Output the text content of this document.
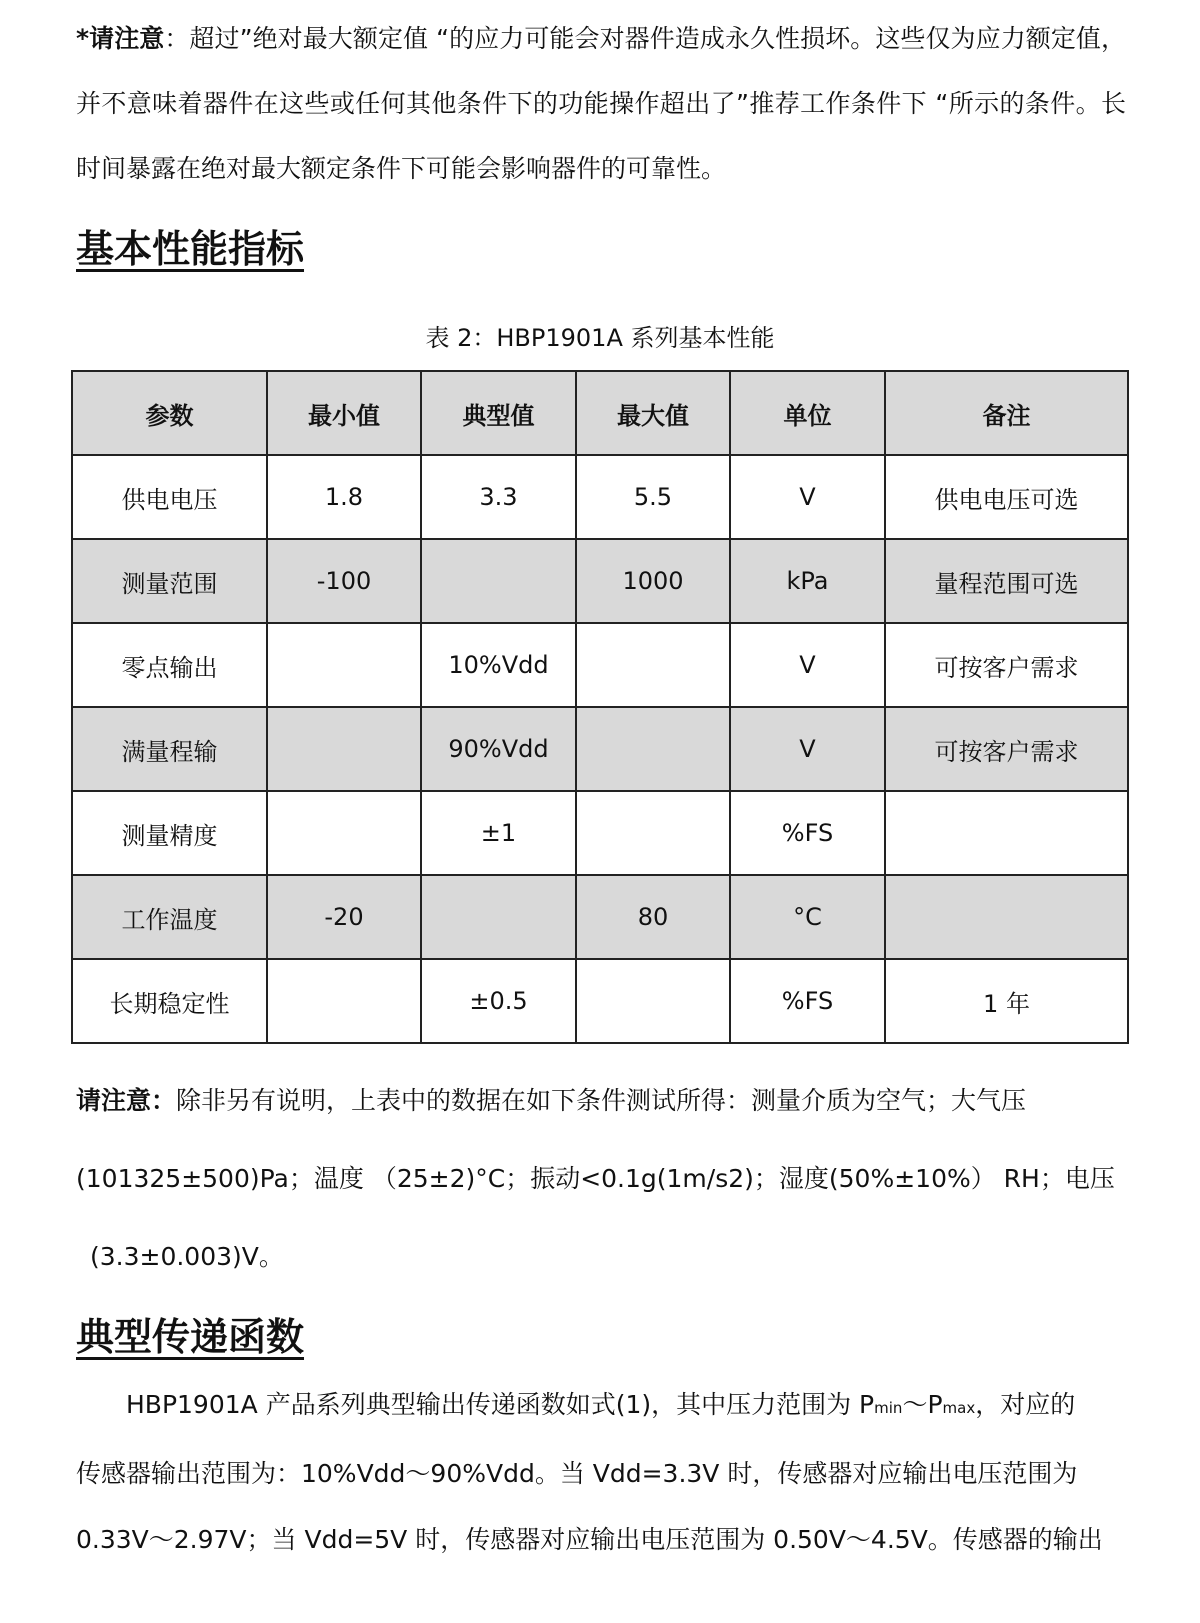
*请注意：超过”绝对最大额定值 “的应力可能会对器件造成永久性损坏。这些仅为应力额定值，并不意味着器件在这些或任何其他条件下的功能操作超出了”推荐工作条件下 “所示的条件。长时间暴露在绝对最大额定条件下可能会影响器件的可靠性。
基本性能指标
表 2：HBP1901A 系列基本性能
参数	最小值	典型值	最大值	单位	备注
供电电压	1.8	3.3	5.5	V	供电电压可选
测量范围	-100		1000	kPa	量程范围可选
零点输出		10%Vdd		V	可按客户需求
满量程输		90%Vdd		V	可按客户需求
测量精度		±1		%FS	
工作温度	-20		80	°C	
长期稳定性		±0.5		%FS	1 年
请注意：除非另有说明，上表中的数据在如下条件测试所得：测量介质为空气；大气压
(101325±500)Pa；温度 （25±2)°C；振动<0.1g(1m/s2)；湿度(50%±10%） RH；电压
(3.3±0.003)V。
典型传递函数
HBP1901A 产品系列典型输出传递函数如式(1)，其中压力范围为 Pmin～Pmax，对应的
传感器输出范围为：10%Vdd～90%Vdd。当 Vdd=3.3V 时，传感器对应输出电压范围为
0.33V～2.97V；当 Vdd=5V 时，传感器对应输出电压范围为 0.50V～4.5V。传感器的输出
